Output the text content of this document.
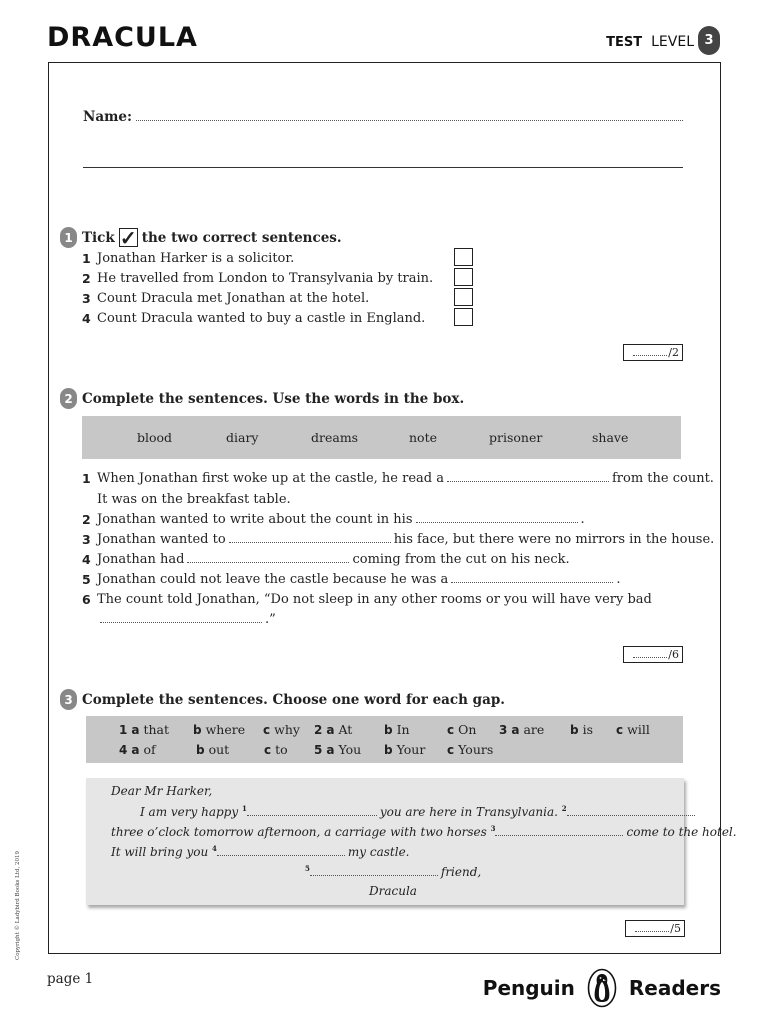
DRACULA	TEST LEVEL 3
Copyright © Ladybird Books Ltd, 2019
Name:
1 Tick ✓ the two correct sentences.
1 Jonathan Harker is a solicitor.
2 He travelled from London to Transylvania by train.
3 Count Dracula met Jonathan at the hotel.
4 Count Dracula wanted to buy a castle in England.
/2
2 Complete the sentences. Use the words in the box.
blood	diary	dreams	note	prisoner	shave
1 When Jonathan first woke up at the castle, he read a	from the count.
It was on the breakfast table.
2 Jonathan wanted to write about the count in his	.
3 Jonathan wanted to	his face, but there were no mirrors in the house.
4 Jonathan had	coming from the cut on his neck.
5 Jonathan could not leave the castle because he was a	.
6 The count told Jonathan, “Do not sleep in any other rooms or you will have very bad
.”
/6
3 Complete the sentences. Choose one word for each gap.
1 a that b where c why 2 a At	b In	c On 3 a are b is c will
4 a of	b out	c to 5 a You b Your c Yours
Dear Mr Harker,
I am very happy $^1$	you are here in Transylvania. $^2$
three o’clock tomorrow afternoon, a carriage with two horses $^3$	come to the hotel.
It will bring you $^4$	my castle.
$^5$	friend,
Dracula
/5
page 1	Penguin	Readers
